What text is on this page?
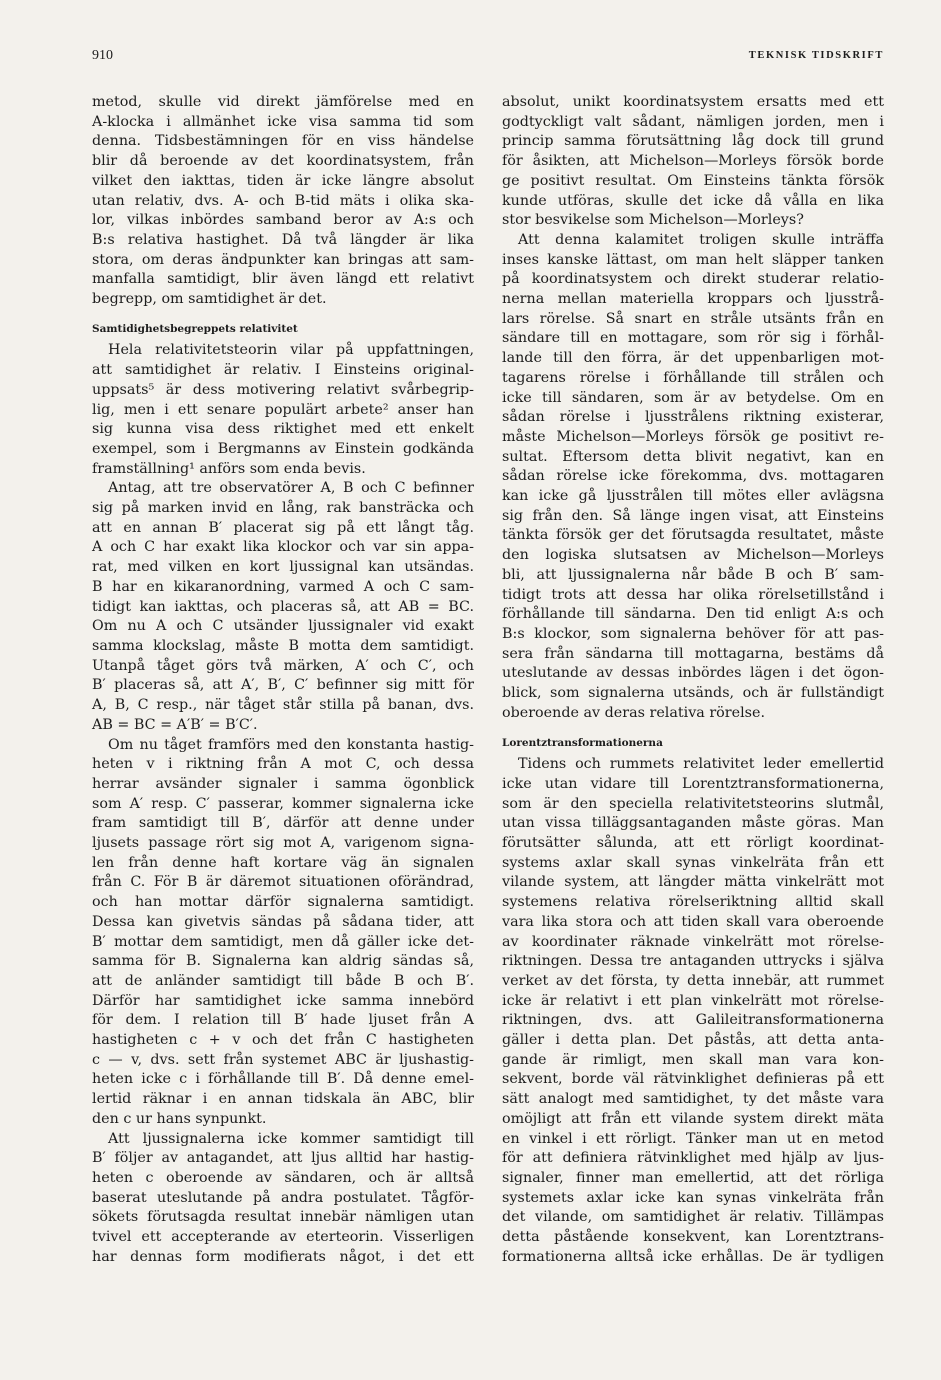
910	TEKNISK TIDSKRIFT
metod, skulle vid direkt jämförelse med en
A-klocka i allmänhet icke visa samma tid som
denna. Tidsbestämningen för en viss händelse
blir då beroende av det koordinatsystem, från
vilket den iakttas, tiden är icke längre absolut
utan relativ, dvs. A- och B-tid mäts i olika ska-
lor, vilkas inbördes samband beror av A:s och
B:s relativa hastighet. Då två längder är lika
stora, om deras ändpunkter kan bringas att sam-
manfalla samtidigt, blir även längd ett relativt
begrepp, om samtidighet är det.
Samtidighetsbegreppets relativitet
Hela relativitetsteorin vilar på uppfattningen,
att samtidighet är relativ. I Einsteins original-
uppsats⁵ är dess motivering relativt svårbegrip-
lig, men i ett senare populärt arbete² anser han
sig kunna visa dess riktighet med ett enkelt
exempel, som i Bergmanns av Einstein godkända
framställning¹ anförs som enda bevis.
Antag, att tre observatörer A, B och C befinner
sig på marken invid en lång, rak bansträcka och
att en annan B′ placerat sig på ett långt tåg.
A och C har exakt lika klockor och var sin appa-
rat, med vilken en kort ljussignal kan utsändas.
B har en kikaranordning, varmed A och C sam-
tidigt kan iakttas, och placeras så, att AB = BC.
Om nu A och C utsänder ljussignaler vid exakt
samma klockslag, måste B motta dem samtidigt.
Utanpå tåget görs två märken, A′ och C′, och
B′ placeras så, att A′, B′, C′ befinner sig mitt för
A, B, C resp., när tåget står stilla på banan, dvs.
AB = BC = A′B′ = B′C′.
Om nu tåget framförs med den konstanta hastig-
heten v i riktning från A mot C, och dessa
herrar avsänder signaler i samma ögonblick
som A′ resp. C′ passerar, kommer signalerna icke
fram samtidigt till B′, därför att denne under
ljusets passage rört sig mot A, varigenom signa-
len från denne haft kortare väg än signalen
från C. För B är däremot situationen oförändrad,
och han mottar därför signalerna samtidigt.
Dessa kan givetvis sändas på sådana tider, att
B′ mottar dem samtidigt, men då gäller icke det-
samma för B. Signalerna kan aldrig sändas så,
att de anländer samtidigt till både B och B′.
Därför har samtidighet icke samma innebörd
för dem. I relation till B′ hade ljuset från A
hastigheten c + v och det från C hastigheten
c — v, dvs. sett från systemet ABC är ljushastig-
heten icke c i förhållande till B′. Då denne emel-
lertid räknar i en annan tidskala än ABC, blir
den c ur hans synpunkt.
Att ljussignalerna icke kommer samtidigt till
B′ följer av antagandet, att ljus alltid har hastig-
heten c oberoende av sändaren, och är alltså
baserat uteslutande på andra postulatet. Tågför-
sökets förutsagda resultat innebär nämligen utan
tvivel ett accepterande av eterteorin. Visserligen
har dennas form modifierats något, i det ett
absolut, unikt koordinatsystem ersatts med ett
godtyckligt valt sådant, nämligen jorden, men i
princip samma förutsättning låg dock till grund
för åsikten, att Michelson—Morleys försök borde
ge positivt resultat. Om Einsteins tänkta försök
kunde utföras, skulle det icke då vålla en lika
stor besvikelse som Michelson—Morleys?
Att denna kalamitet troligen skulle inträffa
inses kanske lättast, om man helt släpper tanken
på koordinatsystem och direkt studerar relatio-
nerna mellan materiella kroppars och ljusstrå-
lars rörelse. Så snart en stråle utsänts från en
sändare till en mottagare, som rör sig i förhål-
lande till den förra, är det uppenbarligen mot-
tagarens rörelse i förhållande till strålen och
icke till sändaren, som är av betydelse. Om en
sådan rörelse i ljusstrålens riktning existerar,
måste Michelson—Morleys försök ge positivt re-
sultat. Eftersom detta blivit negativt, kan en
sådan rörelse icke förekomma, dvs. mottagaren
kan icke gå ljusstrålen till mötes eller avlägsna
sig från den. Så länge ingen visat, att Einsteins
tänkta försök ger det förutsagda resultatet, måste
den logiska slutsatsen av Michelson—Morleys
bli, att ljussignalerna når både B och B′ sam-
tidigt trots att dessa har olika rörelsetillstånd i
förhållande till sändarna. Den tid enligt A:s och
B:s klockor, som signalerna behöver för att pas-
sera från sändarna till mottagarna, bestäms då
uteslutande av dessas inbördes lägen i det ögon-
blick, som signalerna utsänds, och är fullständigt
oberoende av deras relativa rörelse.
Lorentztransformationerna
Tidens och rummets relativitet leder emellertid
icke utan vidare till Lorentztransformationerna,
som är den speciella relativitetsteorins slutmål,
utan vissa tilläggsantaganden måste göras. Man
förutsätter sålunda, att ett rörligt koordinat-
systems axlar skall synas vinkelräta från ett
vilande system, att längder mätta vinkelrätt mot
systemens relativa rörelseriktning alltid skall
vara lika stora och att tiden skall vara oberoende
av koordinater räknade vinkelrätt mot rörelse-
riktningen. Dessa tre antaganden uttrycks i själva
verket av det första, ty detta innebär, att rummet
icke är relativt i ett plan vinkelrätt mot rörelse-
riktningen, dvs. att Galileitransformationerna
gäller i detta plan. Det påstås, att detta anta-
gande är rimligt, men skall man vara kon-
sekvent, borde väl rätvinklighet definieras på ett
sätt analogt med samtidighet, ty det måste vara
omöjligt att från ett vilande system direkt mäta
en vinkel i ett rörligt. Tänker man ut en metod
för att definiera rätvinklighet med hjälp av ljus-
signaler, finner man emellertid, att det rörliga
systemets axlar icke kan synas vinkelräta från
det vilande, om samtidighet är relativ. Tillämpas
detta påstående konsekvent, kan Lorentztrans-
formationerna alltså icke erhållas. De är tydligen
